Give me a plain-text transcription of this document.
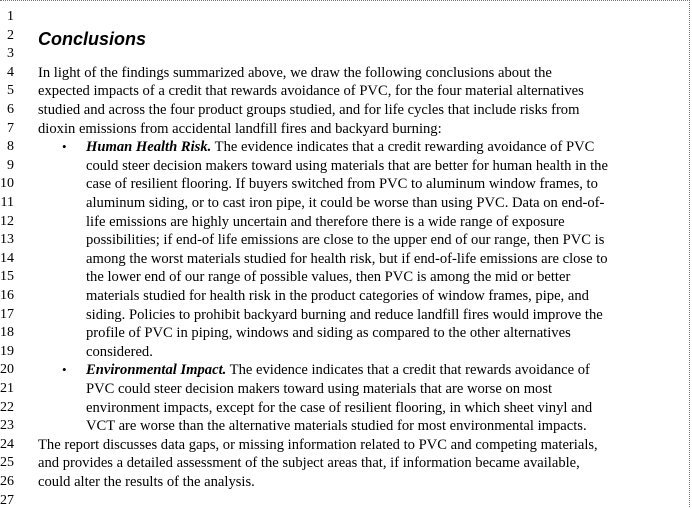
1
2
3
4
5
6
7
8
9
10
11
12
13
14
15
16
17
18
19
20
21
22
23
24
25
26
27
Conclusions
In light of the findings summarized above, we draw the following conclusions about the
expected impacts of a credit that rewards avoidance of PVC, for the four material alternatives
studied and across the four product groups studied, and for life cycles that include risks from
dioxin emissions from accidental landfill fires and backyard burning:
• Human Health Risk. The evidence indicates that a credit rewarding avoidance of PVC
could steer decision makers toward using materials that are better for human health in the
case of resilient flooring. If buyers switched from PVC to aluminum window frames, to
aluminum siding, or to cast iron pipe, it could be worse than using PVC. Data on end-of-
life emissions are highly uncertain and therefore there is a wide range of exposure
possibilities; if end-of life emissions are close to the upper end of our range, then PVC is
among the worst materials studied for health risk, but if end-of-life emissions are close to
the lower end of our range of possible values, then PVC is among the mid or better
materials studied for health risk in the product categories of window frames, pipe, and
siding. Policies to prohibit backyard burning and reduce landfill fires would improve the
profile of PVC in piping, windows and siding as compared to the other alternatives
considered.
• Environmental Impact. The evidence indicates that a credit that rewards avoidance of
PVC could steer decision makers toward using materials that are worse on most
environment impacts, except for the case of resilient flooring, in which sheet vinyl and
VCT are worse than the alternative materials studied for most environmental impacts.
The report discusses data gaps, or missing information related to PVC and competing materials,
and provides a detailed assessment of the subject areas that, if information became available,
could alter the results of the analysis.
